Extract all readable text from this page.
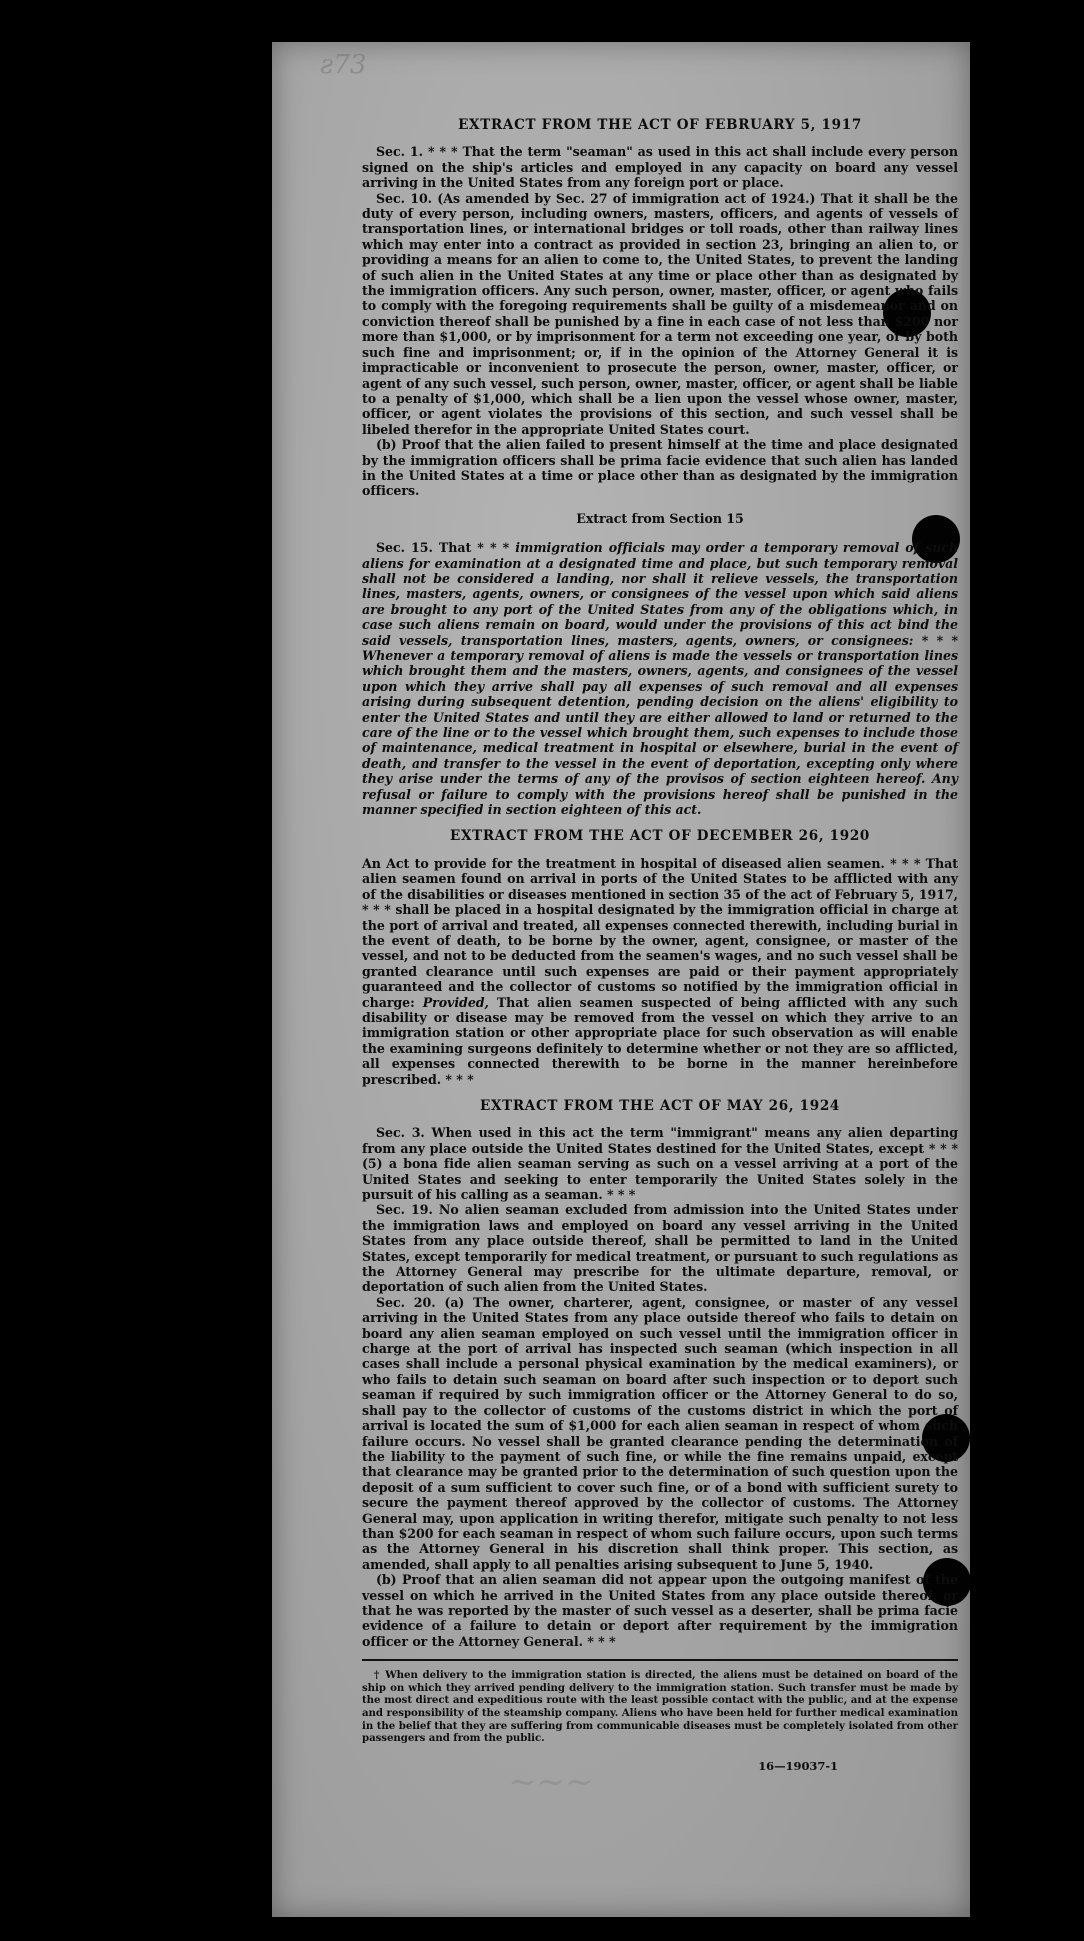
ƨ73
~~~
EXTRACT FROM THE ACT OF FEBRUARY 5, 1917

Sec. 1. * * * That the term "seaman" as used in this act shall include every person signed on the ship's articles and employed in any capacity on board any vessel arriving in the United States from any foreign port or place.

Sec. 10. (As amended by Sec. 27 of immigration act of 1924.) That it shall be the duty of every person, including owners, masters, officers, and agents of vessels of transportation lines, or international bridges or toll roads, other than railway lines which may enter into a contract as provided in section 23, bringing an alien to, or providing a means for an alien to come to, the United States, to prevent the landing of such alien in the United States at any time or place other than as designated by the immigration officers. Any such person, owner, master, officer, or agent who fails to comply with the foregoing requirements shall be guilty of a misdemeanor and on conviction thereof shall be punished by a fine in each case of not less than $200 nor more than $1,000, or by imprisonment for a term not exceeding one year, or by both such fine and imprisonment; or, if in the opinion of the Attorney General it is impracticable or inconvenient to prosecute the person, owner, master, officer, or agent of any such vessel, such person, owner, master, officer, or agent shall be liable to a penalty of $1,000, which shall be a lien upon the vessel whose owner, master, officer, or agent violates the provisions of this section, and such vessel shall be libeled therefor in the appropriate United States court.

(b) Proof that the alien failed to present himself at the time and place designated by the immigration officers shall be prima facie evidence that such alien has landed in the United States at a time or place other than as designated by the immigration officers.

Extract from Section 15

Sec. 15. That * * * immigration officials may order a temporary removal of such aliens for examination at a designated time and place, but such temporary removal shall not be considered a landing, nor shall it relieve vessels, the transportation lines, masters, agents, owners, or consignees of the vessel upon which said aliens are brought to any port of the United States from any of the obligations which, in case such aliens remain on board, would under the provisions of this act bind the said vessels, transportation lines, masters, agents, owners, or consignees: * * * Whenever a temporary removal of aliens is made the vessels or transportation lines which brought them and the masters, owners, agents, and consignees of the vessel upon which they arrive shall pay all expenses of such removal and all expenses arising during subsequent detention, pending decision on the aliens' eligibility to enter the United States and until they are either allowed to land or returned to the care of the line or to the vessel which brought them, such expenses to include those of maintenance, medical treatment in hospital or elsewhere, burial in the event of death, and transfer to the vessel in the event of deportation, excepting only where they arise under the terms of any of the provisos of section eighteen hereof. Any refusal or failure to comply with the provisions hereof shall be punished in the manner specified in section eighteen of this act.

EXTRACT FROM THE ACT OF DECEMBER 26, 1920

An Act to provide for the treatment in hospital of diseased alien seamen. * * * That alien seamen found on arrival in ports of the United States to be afflicted with any of the disabilities or diseases mentioned in section 35 of the act of February 5, 1917, * * * shall be placed in a hospital designated by the immigration official in charge at the port of arrival and treated, all expenses connected therewith, including burial in the event of death, to be borne by the owner, agent, consignee, or master of the vessel, and not to be deducted from the seamen's wages, and no such vessel shall be granted clearance until such expenses are paid or their payment appropriately guaranteed and the collector of customs so notified by the immigration official in charge: Provided, That alien seamen suspected of being afflicted with any such disability or disease may be removed from the vessel on which they arrive to an immigration station or other appropriate place for such observation as will enable the examining surgeons definitely to determine whether or not they are so afflicted, all expenses connected therewith to be borne in the manner hereinbefore prescribed. * * *

EXTRACT FROM THE ACT OF MAY 26, 1924

Sec. 3. When used in this act the term "immigrant" means any alien departing from any place outside the United States destined for the United States, except * * * (5) a bona fide alien seaman serving as such on a vessel arriving at a port of the United States and seeking to enter temporarily the United States solely in the pursuit of his calling as a seaman. * * *

Sec. 19. No alien seaman excluded from admission into the United States under the immigration laws and employed on board any vessel arriving in the United States from any place outside thereof, shall be permitted to land in the United States, except temporarily for medical treatment, or pursuant to such regulations as the Attorney General may prescribe for the ultimate departure, removal, or deportation of such alien from the United States.

Sec. 20. (a) The owner, charterer, agent, consignee, or master of any vessel arriving in the United States from any place outside thereof who fails to detain on board any alien seaman employed on such vessel until the immigration officer in charge at the port of arrival has inspected such seaman (which inspection in all cases shall include a personal physical examination by the medical examiners), or who fails to detain such seaman on board after such inspection or to deport such seaman if required by such immigration officer or the Attorney General to do so, shall pay to the collector of customs of the customs district in which the port of arrival is located the sum of $1,000 for each alien seaman in respect of whom such failure occurs. No vessel shall be granted clearance pending the determination of the liability to the payment of such fine, or while the fine remains unpaid, except that clearance may be granted prior to the determination of such question upon the deposit of a sum sufficient to cover such fine, or of a bond with sufficient surety to secure the payment thereof approved by the collector of customs. The Attorney General may, upon application in writing therefor, mitigate such penalty to not less than $200 for each seaman in respect of whom such failure occurs, upon such terms as the Attorney General in his discretion shall think proper. This section, as amended, shall apply to all penalties arising subsequent to June 5, 1940.

(b) Proof that an alien seaman did not appear upon the outgoing manifest of the vessel on which he arrived in the United States from any place outside thereof, or that he was reported by the master of such vessel as a deserter, shall be prima facie evidence of a failure to detain or deport after requirement by the immigration officer or the Attorney General. * * *

† When delivery to the immigration station is directed, the aliens must be detained on board of the ship on which they arrived pending delivery to the immigration station. Such transfer must be made by the most direct and expeditious route with the least possible contact with the public, and at the expense and responsibility of the steamship company. Aliens who have been held for further medical examination in the belief that they are suffering from communicable diseases must be completely isolated from other passengers and from the public.

16—19037-1
